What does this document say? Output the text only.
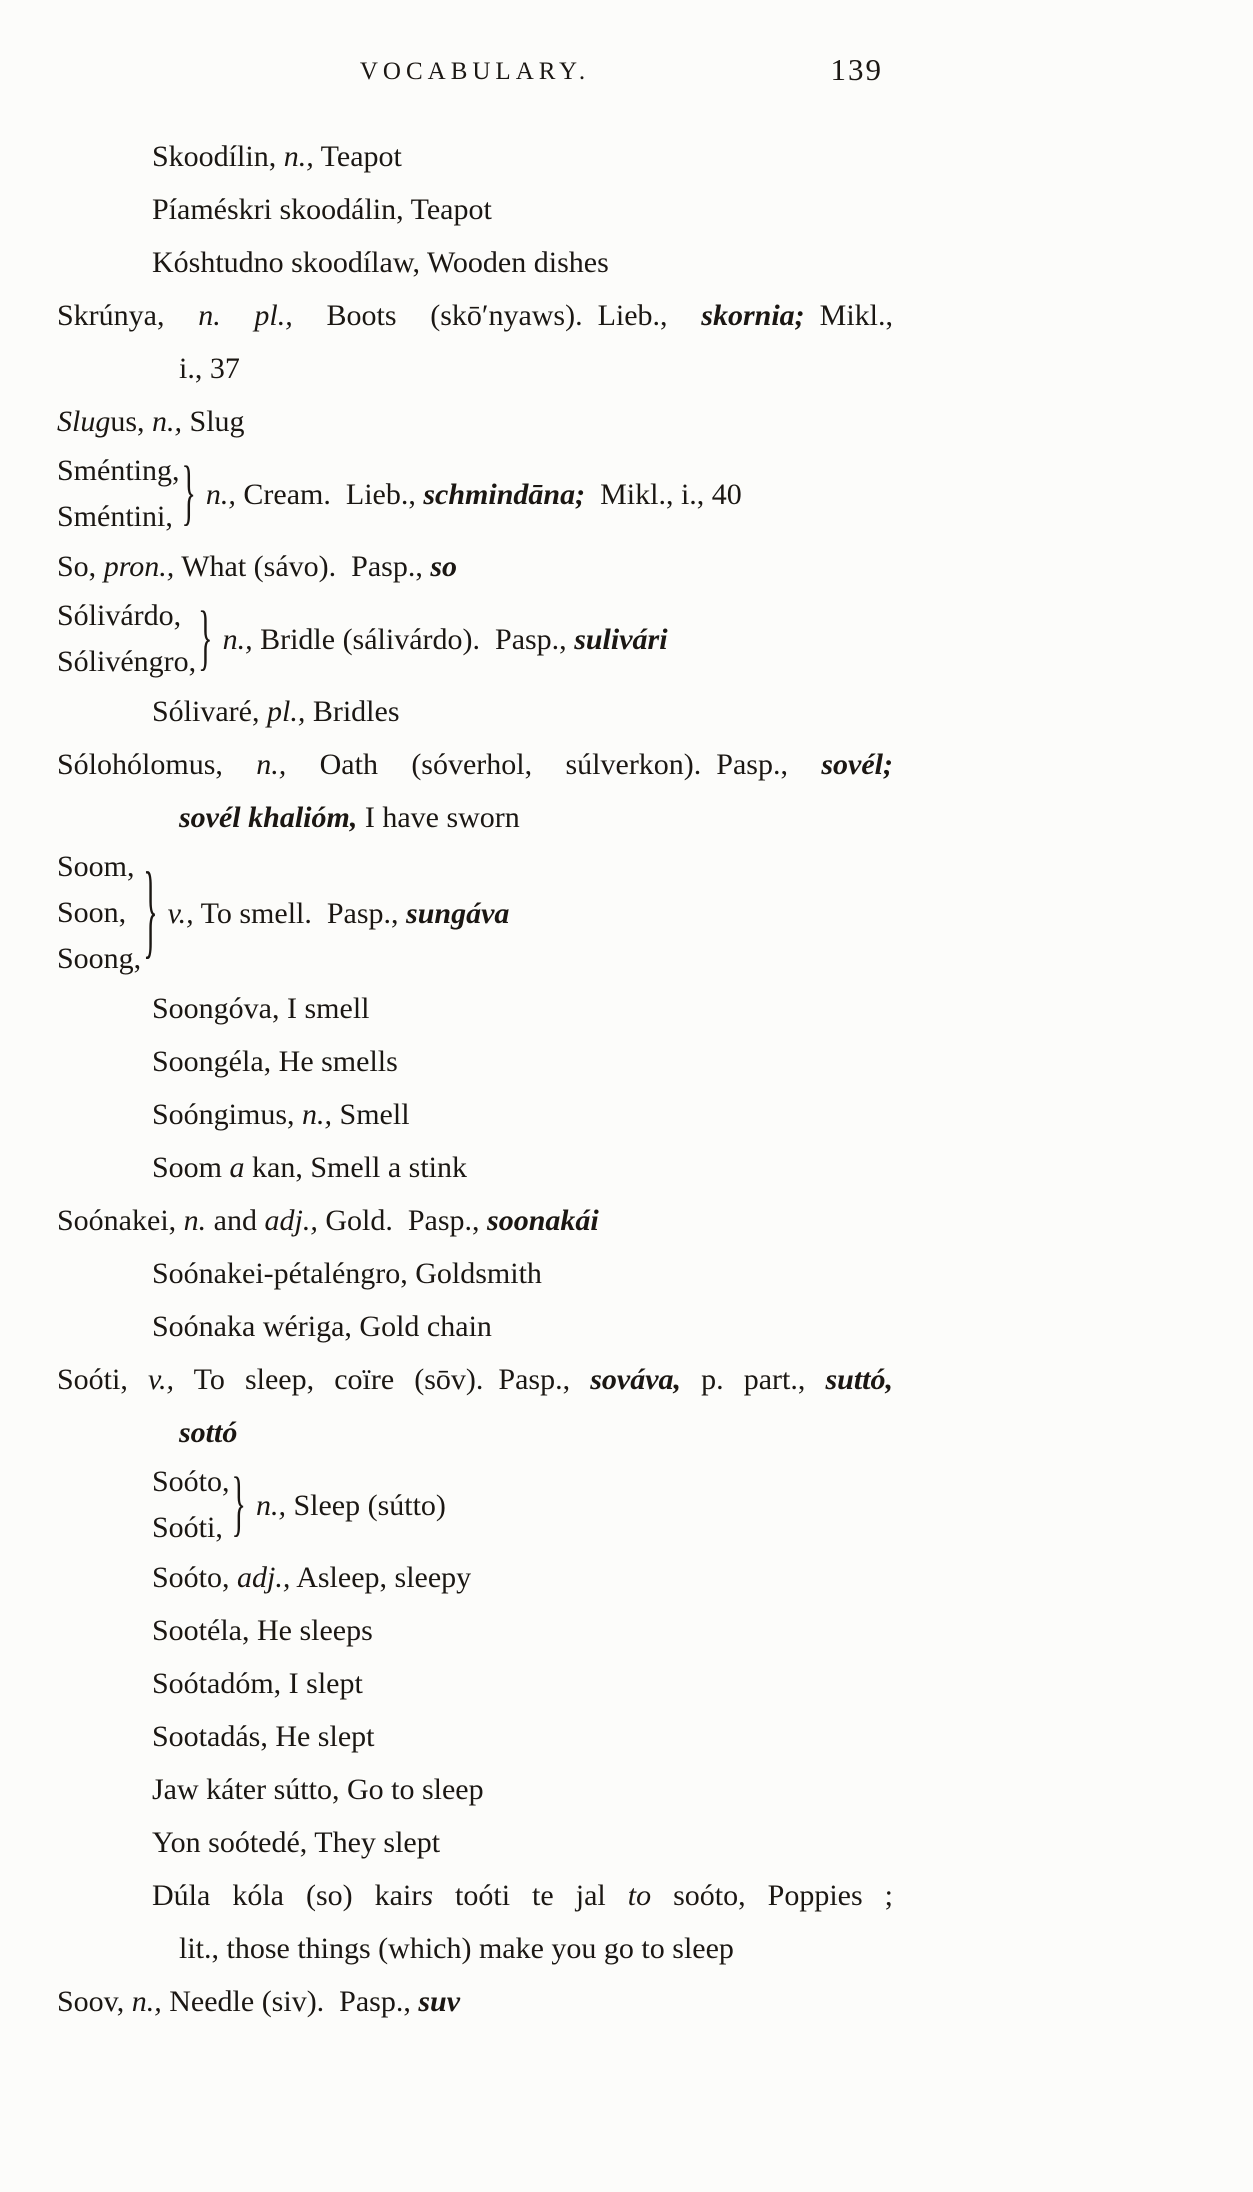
VOCABULARY.	139
Skoodílin, n., Teapot
Píaméskri skoodálin, Teapot
Kóshtudno skoodílaw, Wooden dishes
Skrúnya, n. pl., Boots (skō′nyaws). Lieb., skornia; Mikl.,
i., 37
Slugus, n., Slug
Sménting,
Sméntini, } n., Cream. Lieb., schmindāna; Mikl., i., 40
So, pron., What (sávo). Pasp., so
Sólivárdo,
Sólivéngro, } n., Bridle (sálivárdo). Pasp., sulivári
Sólivaré, pl., Bridles
Sólohólomus, n., Oath (sóverhol, súlverkon). Pasp., sovél;
sovél khalióm, I have sworn
Soom,
Soon,
Soong, } v., To smell. Pasp., sungáva
Soongóva, I smell
Soongéla, He smells
Soóngimus, n., Smell
Soom a kan, Smell a stink
Soónakei, n. and adj., Gold. Pasp., soonakái
Soónakei-pétaléngro, Goldsmith
Soónaka wériga, Gold chain
Soóti, v., To sleep, coïre (sōv). Pasp., sováva, p. part., suttó,
sottó
Soóto,
Soóti, } n., Sleep (sútto)
Soóto, adj., Asleep, sleepy
Sootéla, He sleeps
Soótadóm, I slept
Sootadás, He slept
Jaw káter sútto, Go to sleep
Yon soótedé, They slept
Dúla kóla (so) kairs toóti te jal to soóto, Poppies ;
lit., those things (which) make you go to sleep
Soov, n., Needle (siv). Pasp., suv
